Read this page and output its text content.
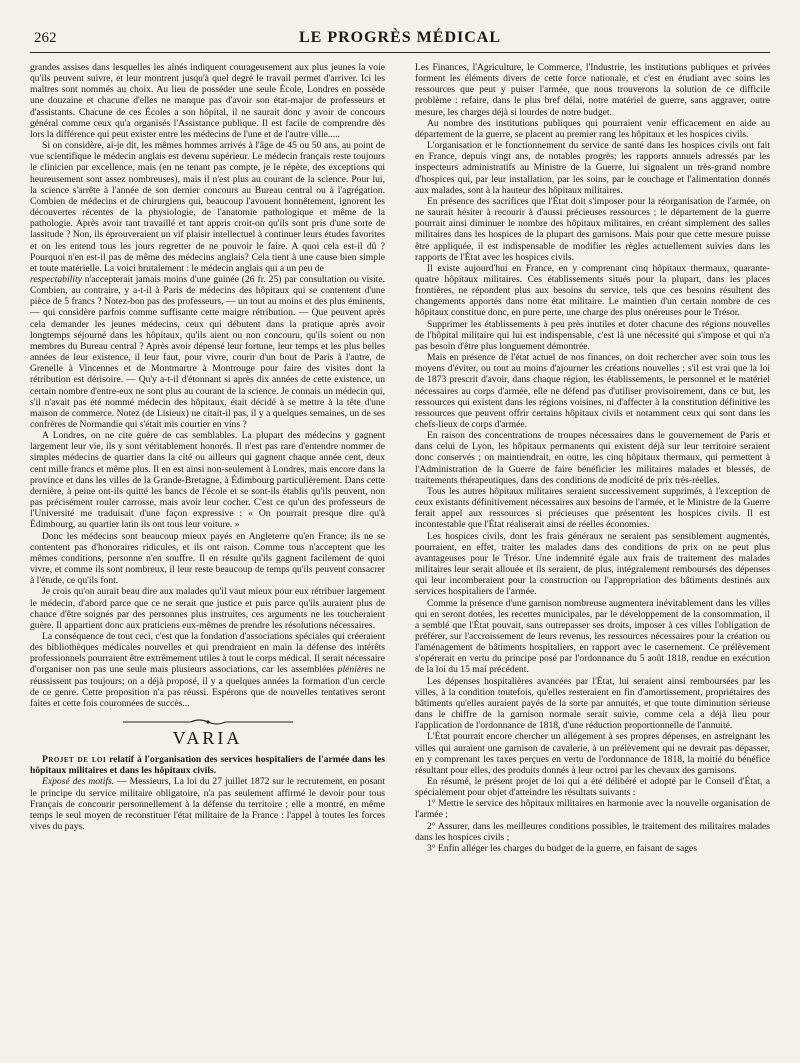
262	LE PROGRÈS MÉDICAL

grandes assises dans lesquelles les aînés indiquent courageusement aux plus jeunes la voie qu'ils peuvent suivre, et leur montrent jusqu'à quel degré le travail permet d'arriver. Ici les maîtres sont nommés au choix. Au lieu de posséder une seule École, Londres en possède une douzaine et chacune d'elles ne manque pas d'avoir son état-major de professeurs et d'assistants. Chacune de ces Écoles a son hôpital, il ne saurait donc y avoir de concours général comme ceux qu'a organisés l'Assistance publique. Il est facile de comprendre dès lors la différence qui peut exister entre les médecins de l'une et de l'autre ville.....

Si on considère, ai-je dit, les mêmes hommes arrivés à l'âge de 45 ou 50 ans, au point de vue scientifique le médecin anglais est devenu supérieur. Le médecin français reste toujours le clinicien par excellence, mais (en ne tenant pas compte, je le répète, des exceptions qui heureusement sont assez nombreuses), mais il n'est plus au courant de la science. Pour lui, la science s'arrête à l'année de son dernier concours au Bureau central ou à l'agrégation. Combien de médecins et de chirurgiens qui, beaucoup l'avouent honnêtement, ignorent les découvertes récentes de la physiologie, de l'anatomie pathologique et même de la pathologie. Après avoir tant travaillé et tant appris croit-on qu'ils sont pris d'une sorte de lassitude ? Non, ils éprouveraient un vif plaisir intellectuel à continuer leurs études favorites et on les entend tous les jours regretter de ne pouvoir le faire. A quoi cela est-il dû ? Pourquoi n'en est-il pas de même des médecins anglais? Cela tient à une cause bien simple et toute matérielle. La voici brutalement : le médecin anglais qui a un peu de

respectability n'accepterait jamais moins d'une guinée (26 fr. 25) par consultation ou visite. Combien, au contraire, y a-t-il à Paris de médecins des hôpitaux qui se contentent d'une pièce de 5 francs ? Notez-bon pas des professeurs, — un tout au moins et des plus éminents, — qui considère parfois comme suffisante cette maigre rétribution. — Que peuvent après cela demander les jeunes médecins, ceux qui débutent dans la pratique après avoir longtemps séjourné dans les hôpitaux, qu'ils aient ou non concouru, qu'ils soient ou non membres du Bureau central ? Après avoir dépensé leur fortune, leur temps et les plus belles années de leur existence, il leur faut, pour vivre, courir d'un bout de Paris à l'autre, de Grenelle à Vincennes et de Montmartre à Montrouge pour faire des visites dont la rétribution est dérisoire. — Qu'y a-t-il d'étonnant si après dix années de cette existence, un certain nombre d'entre-eux ne sont plus au courant de la science. Je connais un médecin qui, s'il n'avait pas été nommé médecin des hôpitaux, était décidé à se mettre à la tête d'une maison de commerce. Notez (de Lisieux) ne citait-il pas, il y a quelques semaines, un de ses confrères de Normandie qui s'était mis courtier en vins ?

A Londres, on ne cite guère de cas semblables. La plupart des médecins y gagnent largement leur vie, ils y sont véritablement honorés. Il n'est pas rare d'entendre nommer de simples médecins de quartier dans la cité ou ailleurs qui gagnent chaque année cent, deux cent mille francs et même plus. Il en est ainsi non-seulement à Londres, mais encore dans la province et dans les villes de la Grande-Bretagne, à Édimbourg particulièrement. Dans cette dernière, à peine ont-ils quitté les bancs de l'école et se sont-ils établis qu'ils peuvent, non pas précisément rouler carrosse, mais avoir leur cocher. C'est ce qu'un des professeurs de l'Université me traduisait d'une façon expressive : « On pourrait presque dire qu'à Édimbourg, au quartier latin ils ont tous leur voiture. »

Donc les médecins sont beaucoup mieux payés en Angleterre qu'en France; ils ne se contentent pas d'honoraires ridicules, et ils ont raison. Comme tous n'acceptent que les mêmes conditions, personne n'en souffre. Il en résulte qu'ils gagnent facilement de quoi vivre, et comme ils sont nombreux, il leur reste beaucoup de temps qu'ils peuvent consacrer à l'étude, ce qu'ils font.

Je crois qu'on aurait beau dire aux malades qu'il vaut mieux pour eux rétribuer largement le médecin, d'abord parce que ce ne serait que justice et puis parce qu'ils auraient plus de chance d'être soignés par des personnes plus instruites, ces arguments ne les toucheraient guère. Il appartient donc aux praticiens eux-mêmes de prendre les résolutions nécessaires.

La conséquence de tout ceci, c'est que la fondation d'associations spéciales qui créeraient des bibliothèques médicales nouvelles et qui prendraient en main la défense des intérêts professionnels pourraient être extrêmement utiles à tout le corps médical. Il serait nécessaire d'organiser non pas une seule mais plusieurs associations, car les assemblées plénières ne réussissent pas toujours; on a déjà proposé, il y a quelques années la formation d'un cercle de ce genre. Cette proposition n'a pas réussi. Espérons que de nouvelles tentatives seront faites et cette fois couronnées de succès...

VARIA

Projet de loi relatif à l'organisation des services hospitaliers de l'armée dans les hôpitaux militaires et dans les hôpitaux civils.

Exposé des motifs. — Messieurs, La loi du 27 juillet 1872 sur le recrutement, en posant le principe du service militaire obligatoire, n'a pas seulement affirmé le devoir pour tous Français de concourir personnellement à la défense du territoire ; elle a montré, en même temps le seul moyen de reconstituer l'état militaire de la France : l'appel à toutes les forces vives du pays.

Les Finances, l'Agriculture, le Commerce, l'Industrie, les institutions publiques et privées forment les éléments divers de cette force nationale, et c'est en étudiant avec soins les ressources que peut y puiser l'armée, que nous trouverons la solution de ce difficile problème : refaire, dans le plus bref délai, notre matériel de guerre, sans aggraver, outre mesure, les charges déjà si lourdes de notre budget.

Au nombre des institutions publiques qui pourraient venir efficacement en aide au département de la guerre, se placent au premier rang les hôpitaux et les hospices civils.

L'organisation et le fonctionnement du service de santé dans les hospices civils ont fait en France, depuis vingt ans, de notables progrès; les rapports annuels adressés par les inspecteurs administratifs au Ministre de la Guerre, lui signalent un très-grand nombre d'hospices qui, par leur installation, par les soins, par le couchage et l'alimentation donnés aux malades, sont à la hauteur des hôpitaux militaires.

En présence des sacrifices que l'État doit s'imposer pour la réorganisation de l'armée, on ne saurait hésiter à recourir à d'aussi précieuses ressources ; le département de la guerre pourrait ainsi diminuer le nombre des hôpitaux militaires, en créant simplement des salles militaires dans les hospices de la plupart des garnisons. Mais pour que cette mesure puisse être appliquée, il est indispensable de modifier les règles actuellement suivies dans les rapports de l'État avec les hospices civils.

Il existe aujourd'hui en France, en y comprenant cinq hôpitaux thermaux, quarante-quatre hôpitaux militaires. Ces établissements situés pour la plupart, dans les places frontières, ne répondent plus aux besoins du service, tels que ces besoins résultent des changements apportés dans notre état militaire. Le maintien d'un certain nombre de ces hôpitaux constitue donc, en pure perte, une charge des plus onéreuses pour le Trésor.

Supprimer les établissements à peu près inutiles et doter chacune des régions nouvelles de l'hôpital militaire qui lui est indispensable, c'est là une nécessité qui s'impose et qui n'a pas besoin d'être plus longuement démontrée.

Mais en présence de l'état actuel de nos finances, on doit rechercher avec soin tous les moyens d'éviter, ou tout au moins d'ajourner les créations nouvelles ; s'il est vrai que la loi de 1873 prescrit d'avoir, dans chaque région, les établissements, le personnel et le matériel nécessaires au corps d'armée, elle ne défend pas d'utiliser provisoirement, dans ce but, les ressources qui existent dans les régions voisines, ni d'affecter à la constitution définitive les ressources que peuvent offrir certains hôpitaux civils et notamment ceux qui sont dans les chefs-lieux de corps d'armée.

En raison des concentrations de troupes nécessaires dans le gouvernement de Paris et dans celui de Lyon, les hôpitaux permanents qui existent déjà sur leur territoire seraient donc conservés ; on maintiendrait, en outre, les cinq hôpitaux thermaux, qui permettent à l'Administration de la Guerre de faire bénéficier les militaires malades et blessés, de traitements thérapeutiques, dans des conditions de modicité de prix très-réelles.

Tous les autres hôpitaux militaires seraient successivement supprimés, à l'exception de ceux existants définitivement nécessaires aux besoins de l'armée, et le Ministre de la Guerre ferait appel aux ressources si précieuses que présentent les hospices civils. Il est incontestable que l'État réaliserait ainsi de réelles économies.

Les hospices civils, dont les frais généraux ne seraient pas sensiblement augmentés, pourraient, en effet, traiter les malades dans des conditions de prix on ne peut plus avantageuses pour le Trésor. Une indemnité égale aux frais de traitement des malades militaires leur serait allouée et ils seraient, de plus, intégralement remboursés des dépenses qui leur incomberaient pour la construction ou l'appropriation des bâtiments destinés aux services hospitaliers de l'armée.

Comme la présence d'une garnison nombreuse augmentera inévitablement dans les villes qui en seront dotées, les recettes municipales, par le développement de la consommation, il a semblé que l'État pouvait, sans outrepasser ses droits, imposer à ces villes l'obligation de préférer, sur l'accroissement de leurs revenus, les ressources nécessaires pour la création ou l'aménagement de bâtiments hospitaliers, en rapport avec le casernement. Ce prélèvement s'opérerait en vertu du principe posé par l'ordonnance du 5 août 1818, rendue en exécution de la loi du 15 mai précédent.

Les dépenses hospitalières avancées par l'État, lui seraient ainsi remboursées par les villes, à la condition toutefois, qu'elles resteraient en fin d'amortissement, propriétaires des bâtiments qu'elles auraient payés de la sorte par annuités, et que toute diminution sérieuse dans le chiffre de la garnison normale serait suivie, comme cela a déjà lieu pour l'application de l'ordonnance de 1818, d'une réduction proportionnelle de l'annuité.

L'État pourrait encore chercher un allégement à ses propres dépenses, en astreignant les villes qui auraient une garnison de cavalerie, à un prélèvement qui ne devrait pas dépasser, en y comprenant les taxes perçues en vertu de l'ordonnance de 1818, la moitié du bénéfice résultant pour elles, des produits donnés à leur octroi par les chevaux des garnisons.

En résumé, le présent projet de loi qui a été délibéré et adopté par le Conseil d'État, a spécialement pour objet d'atteindre les résultats suivants :

1° Mettre le service des hôpitaux militaires en harmonie avec la nouvelle organisation de l'armée ;

2° Assurer, dans les meilleures conditions possibles, le traitement des militaires malades dans les hospices civils ;

3° Enfin alléger les charges du budget de la guerre, en faisant de sages
